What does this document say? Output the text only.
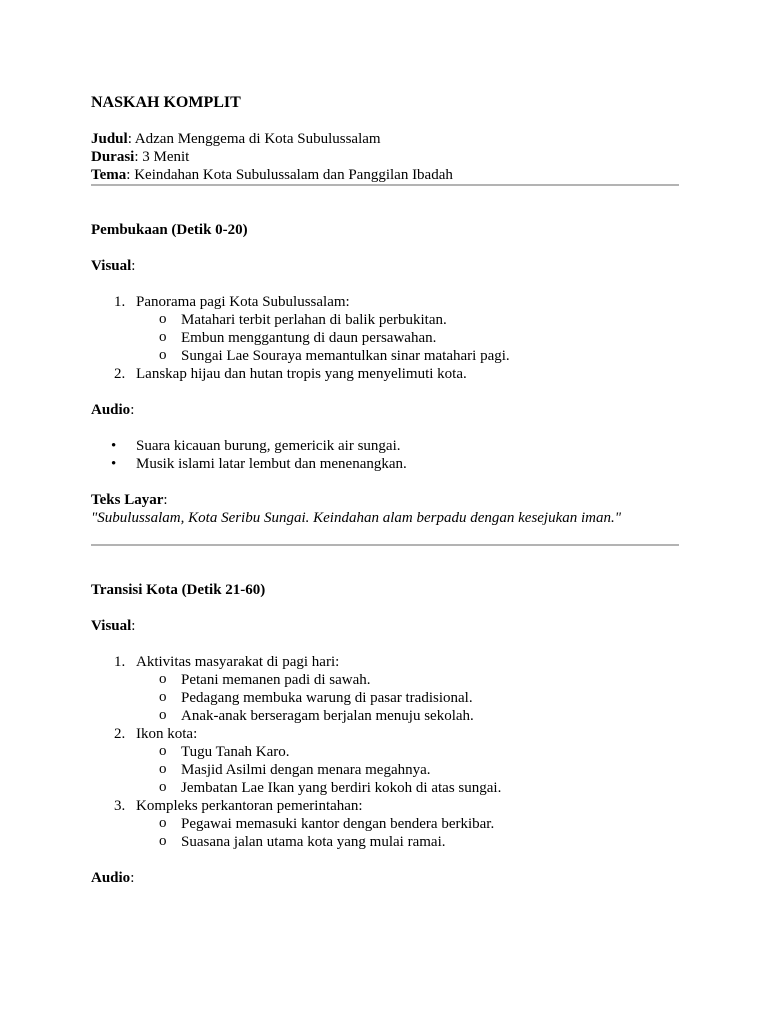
NASKAH KOMPLIT

Judul: Adzan Menggema di Kota Subulussalam

Durasi: 3 Menit

Tema: Keindahan Kota Subulussalam dan Panggilan Ibadah

Pembukaan (Detik 0-20)

Visual:

1. Panorama pagi Kota Subulussalam:
o Matahari terbit perlahan di balik perbukitan.
o Embun menggantung di daun persawahan.
o Sungai Lae Souraya memantulkan sinar matahari pagi.
2. Lanskap hijau dan hutan tropis yang menyelimuti kota.

Audio:

• Suara kicauan burung, gemericik air sungai.
• Musik islami latar lembut dan menenangkan.

Teks Layar:

"Subulussalam, Kota Seribu Sungai. Keindahan alam berpadu dengan kesejukan iman."

Transisi Kota (Detik 21-60)

Visual:

1. Aktivitas masyarakat di pagi hari:
o Petani memanen padi di sawah.
o Pedagang membuka warung di pasar tradisional.
o Anak-anak berseragam berjalan menuju sekolah.
2. Ikon kota:
o Tugu Tanah Karo.
o Masjid Asilmi dengan menara megahnya.
o Jembatan Lae Ikan yang berdiri kokoh di atas sungai.
3. Kompleks perkantoran pemerintahan:
o Pegawai memasuki kantor dengan bendera berkibar.
o Suasana jalan utama kota yang mulai ramai.

Audio:
